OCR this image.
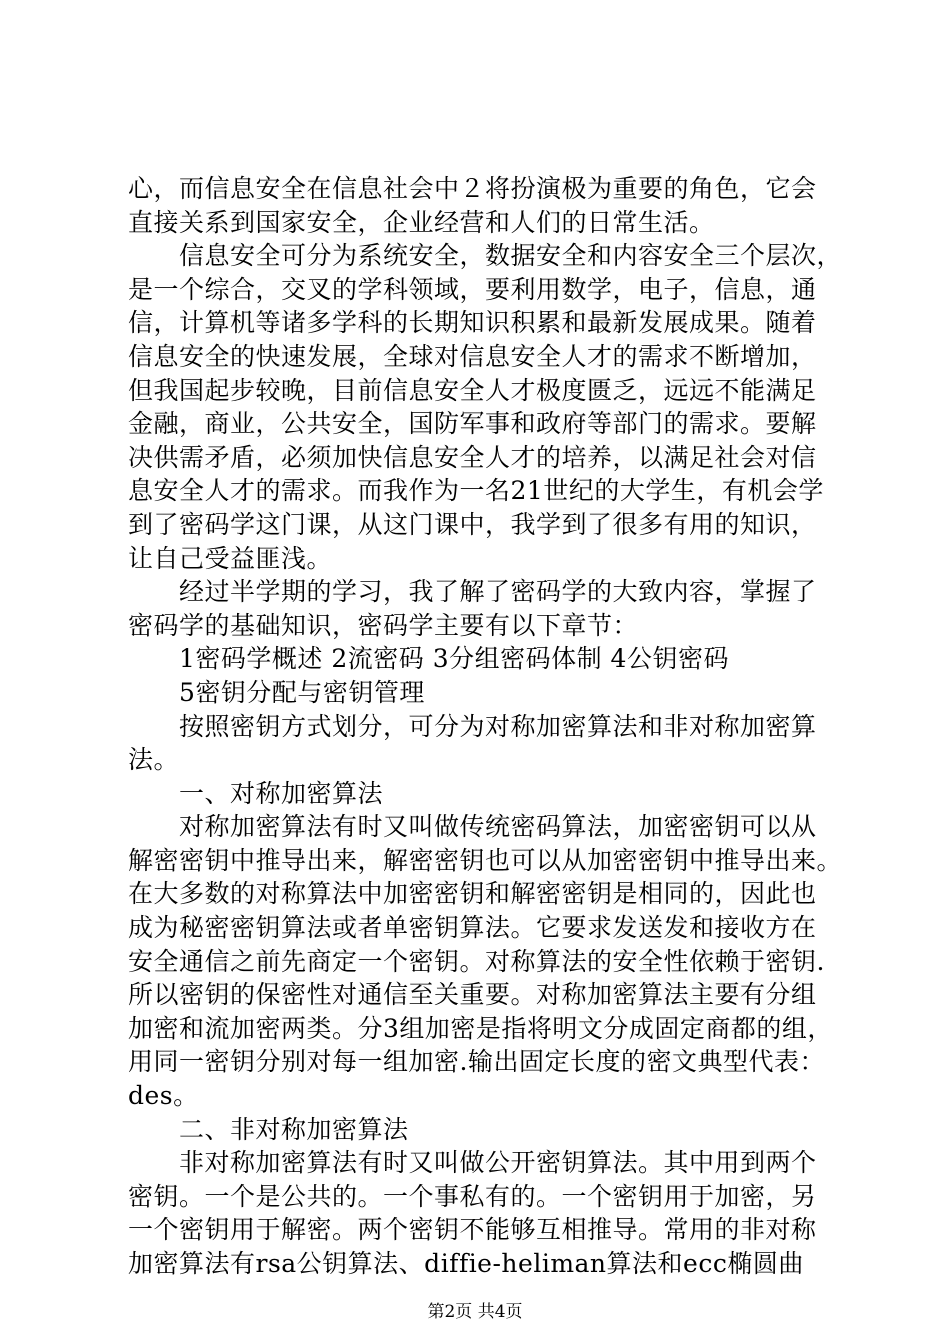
心，而信息安全在信息社会中２将扮演极为重要的角色，它会
直接关系到国家安全，企业经营和人们的日常生活。
　　信息安全可分为系统安全，数据安全和内容安全三个层次，
是一个综合，交叉的学科领域，要利用数学，电子，信息，通
信，计算机等诸多学科的长期知识积累和最新发展成果。随着
信息安全的快速发展，全球对信息安全人才的需求不断增加，
但我国起步较晚，目前信息安全人才极度匮乏，远远不能满足
金融，商业，公共安全，国防军事和政府等部门的需求。要解
决供需矛盾，必须加快信息安全人才的培养，以满足社会对信
息安全人才的需求。而我作为一名21世纪的大学生，有机会学
到了密码学这门课，从这门课中，我学到了很多有用的知识，
让自己受益匪浅。
　　经过半学期的学习，我了解了密码学的大致内容，掌握了
密码学的基础知识，密码学主要有以下章节：
　　1密码学概述 2流密码 3分组密码体制 4公钥密码
　　5密钥分配与密钥管理
　　按照密钥方式划分，可分为对称加密算法和非对称加密算
法。
　　一、对称加密算法
　　对称加密算法有时又叫做传统密码算法，加密密钥可以从
解密密钥中推导出来，解密密钥也可以从加密密钥中推导出来。
在大多数的对称算法中加密密钥和解密密钥是相同的，因此也
成为秘密密钥算法或者单密钥算法。它要求发送发和接收方在
安全通信之前先商定一个密钥。对称算法的安全性依赖于密钥.
所以密钥的保密性对通信至关重要。对称加密算法主要有分组
加密和流加密两类。分3组加密是指将明文分成固定商都的组，
用同一密钥分别对每一组加密.输出固定长度的密文典型代表：
des。
　　二、非对称加密算法
　　非对称加密算法有时又叫做公开密钥算法。其中用到两个
密钥。一个是公共的。一个事私有的。一个密钥用于加密，另
一个密钥用于解密。两个密钥不能够互相推导。常用的非对称
加密算法有rsa公钥算法、diffie-heliman算法和ecc椭圆曲
第2页 共4页
